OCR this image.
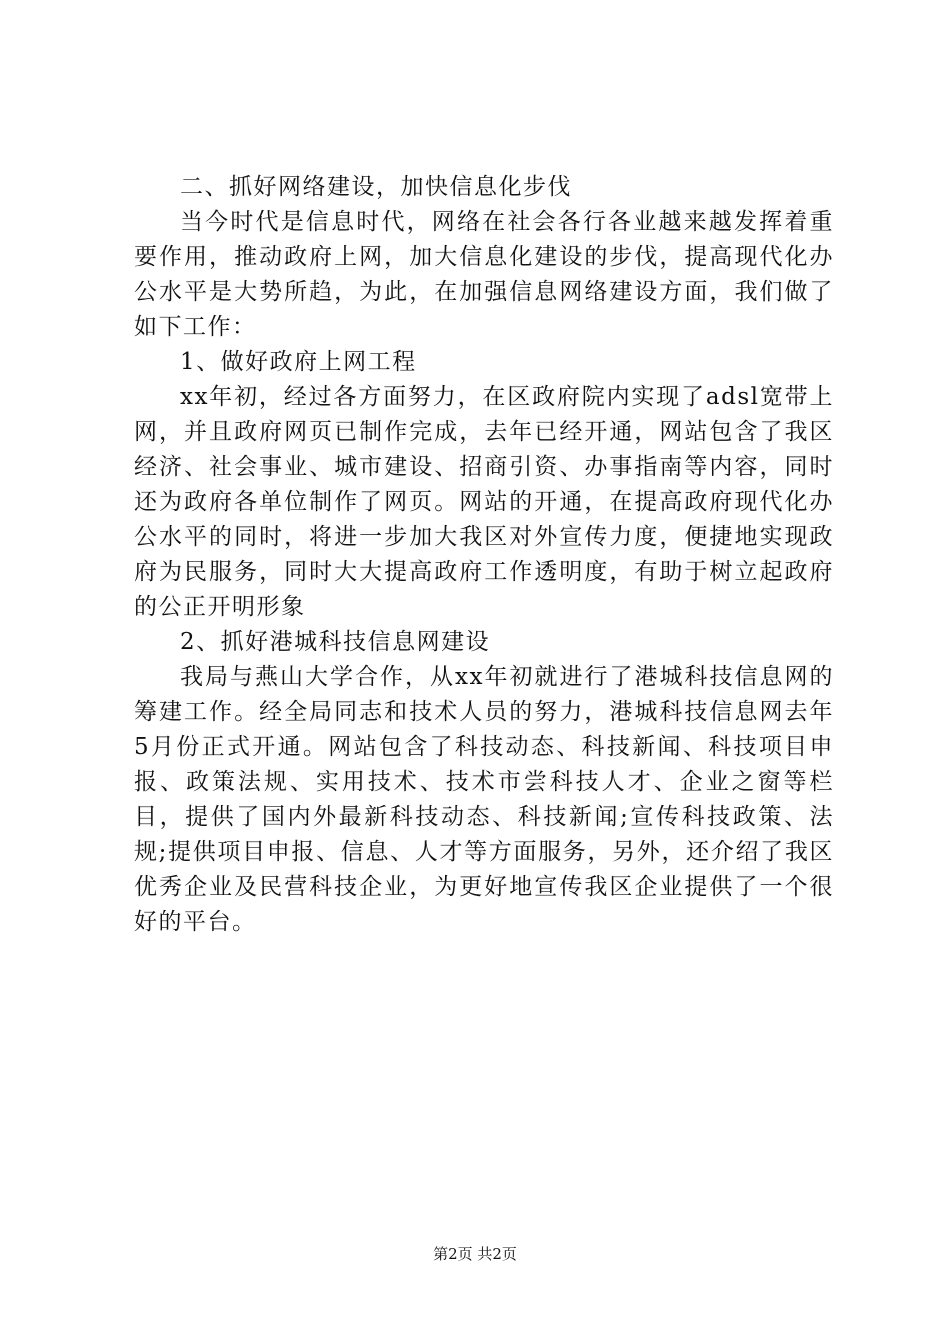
二、抓好网络建设，加快信息化步伐

当今时代是信息时代，网络在社会各行各业越来越发挥着重要作用，推动政府上网，加大信息化建设的步伐，提高现代化办公水平是大势所趋，为此，在加强信息网络建设方面，我们做了如下工作：

1、做好政府上网工程

xx年初，经过各方面努力，在区政府院内实现了adsl宽带上网，并且政府网页已制作完成，去年已经开通，网站包含了我区经济、社会事业、城市建设、招商引资、办事指南等内容，同时还为政府各单位制作了网页。网站的开通，在提高政府现代化办公水平的同时，将进一步加大我区对外宣传力度，便捷地实现政府为民服务，同时大大提高政府工作透明度，有助于树立起政府的公正开明形象

2、抓好港城科技信息网建设

我局与燕山大学合作，从xx年初就进行了港城科技信息网的筹建工作。经全局同志和技术人员的努力，港城科技信息网去年5月份正式开通。网站包含了科技动态、科技新闻、科技项目申报、政策法规、实用技术、技术市尝科技人才、企业之窗等栏目，提供了国内外最新科技动态、科技新闻;宣传科技政策、法规;提供项目申报、信息、人才等方面服务，另外，还介绍了我区优秀企业及民营科技企业，为更好地宣传我区企业提供了一个很好的平台。

第2页 共2页
